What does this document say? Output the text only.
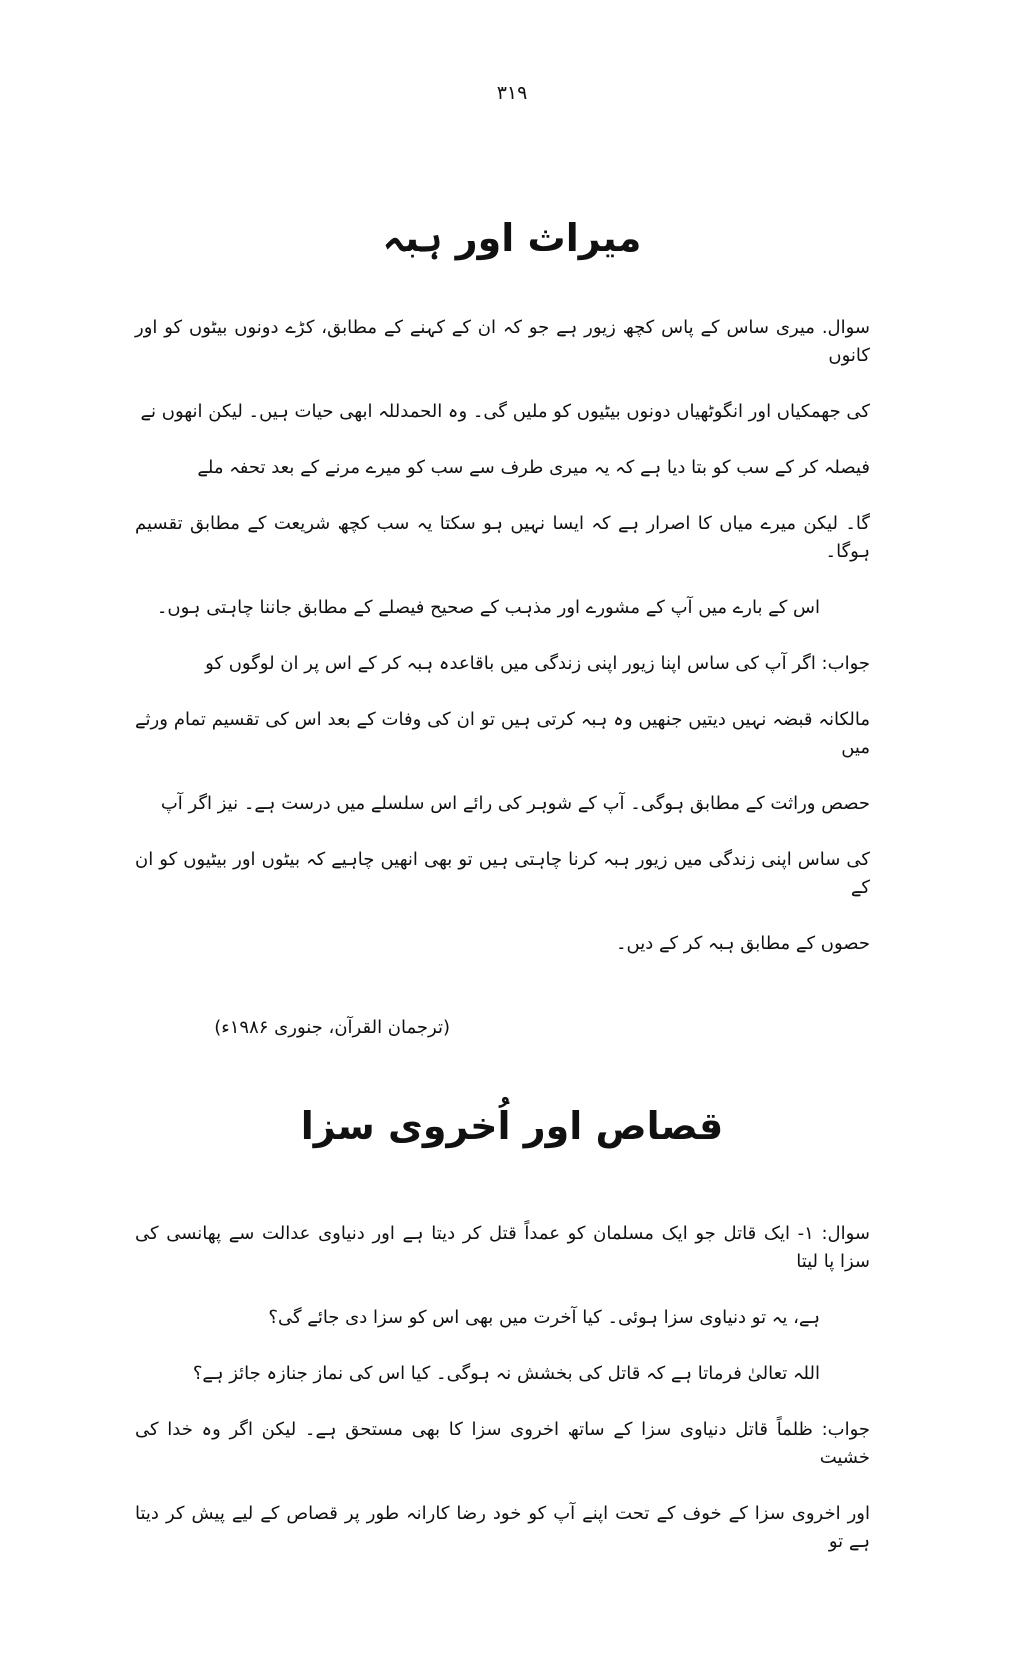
۳۱۹
میراث اور ہبہ
سوال. میری ساس کے پاس کچھ زیور ہے جو کہ ان کے کہنے کے مطابق، کڑے دونوں بیٹوں کو اور کانوں
کی جھمکیاں اور انگوٹھیاں دونوں بیٹیوں کو ملیں گی۔ وہ الحمدللہ ابھی حیات ہیں۔ لیکن انھوں نے
فیصلہ کر کے سب کو بتا دیا ہے کہ یہ میری طرف سے سب کو میرے مرنے کے بعد تحفہ ملے
گا۔ لیکن میرے میاں کا اصرار ہے کہ ایسا نہیں ہو سکتا یہ سب کچھ شریعت کے مطابق تقسیم ہوگا۔
اس کے بارے میں آپ کے مشورے اور مذہب کے صحیح فیصلے کے مطابق جاننا چاہتی ہوں۔
جواب: اگر آپ کی ساس اپنا زیور اپنی زندگی میں باقاعدہ ہبہ کر کے اس پر ان لوگوں کو
مالکانہ قبضہ نہیں دیتیں جنھیں وہ ہبہ کرتی ہیں تو ان کی وفات کے بعد اس کی تقسیم تمام ورثے میں
حصص وراثت کے مطابق ہوگی۔ آپ کے شوہر کی رائے اس سلسلے میں درست ہے۔ نیز اگر آپ
کی ساس اپنی زندگی میں زیور ہبہ کرنا چاہتی ہیں تو بھی انھیں چاہیے کہ بیٹوں اور بیٹیوں کو ان کے
حصوں کے مطابق ہبہ کر کے دیں۔
(ترجمان القرآن، جنوری ۱۹۸۶ء)
قصاص اور اُخروی سزا
سوال: ۱- ایک قاتل جو ایک مسلمان کو عمداً قتل کر دیتا ہے اور دنیاوی عدالت سے پھانسی کی سزا پا لیتا
ہے، یہ تو دنیاوی سزا ہوئی۔ کیا آخرت میں بھی اس کو سزا دی جائے گی؟
اللہ تعالیٰ فرماتا ہے کہ قاتل کی بخشش نہ ہوگی۔ کیا اس کی نماز جنازہ جائز ہے؟
جواب: ظلماً قاتل دنیاوی سزا کے ساتھ اخروی سزا کا بھی مستحق ہے۔ لیکن اگر وہ خدا کی خشیت
اور اخروی سزا کے خوف کے تحت اپنے آپ کو خود رضا کارانہ طور پر قصاص کے لیے پیش کر دیتا ہے تو
